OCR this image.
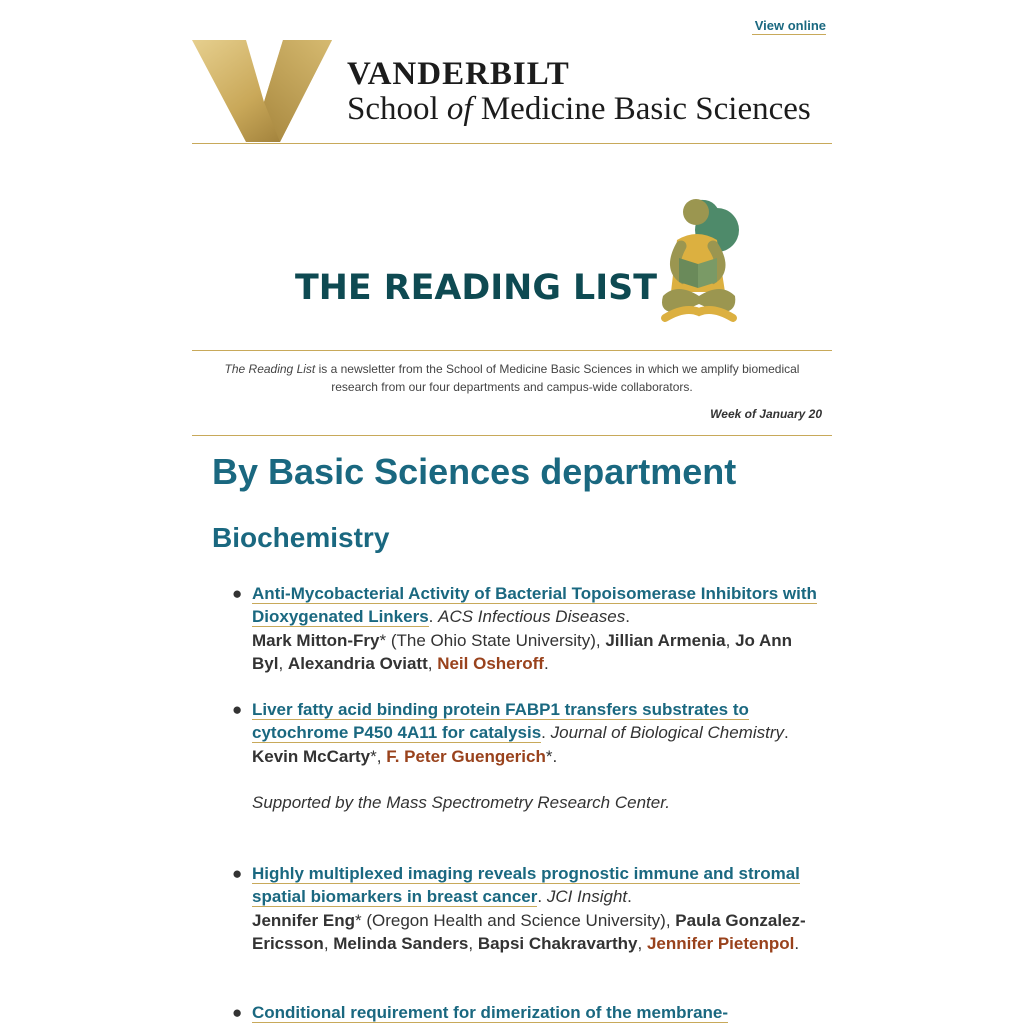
View online
VANDERBILT
School of Medicine Basic Sciences
THE READING LIST
The Reading List is a newsletter from the School of Medicine Basic Sciences in which we amplify biomedical research from our four departments and campus-wide collaborators.
Week of January 20
By Basic Sciences department
Biochemistry
● Anti-Mycobacterial Activity of Bacterial Topoisomerase Inhibitors with Dioxygenated Linkers. ACS Infectious Diseases.
Mark Mitton-Fry* (The Ohio State University), Jillian Armenia, Jo Ann Byl, Alexandria Oviatt, Neil Osheroff.
● Liver fatty acid binding protein FABP1 transfers substrates to cytochrome P450 4A11 for catalysis. Journal of Biological Chemistry.
Kevin McCarty*, F. Peter Guengerich*.

Supported by the Mass Spectrometry Research Center.
● Highly multiplexed imaging reveals prognostic immune and stromal spatial biomarkers in breast cancer. JCI Insight.
Jennifer Eng* (Oregon Health and Science University), Paula Gonzalez-Ericsson, Melinda Sanders, Bapsi Chakravarthy, Jennifer Pietenpol.
● Conditional requirement for dimerization of the membrane-
